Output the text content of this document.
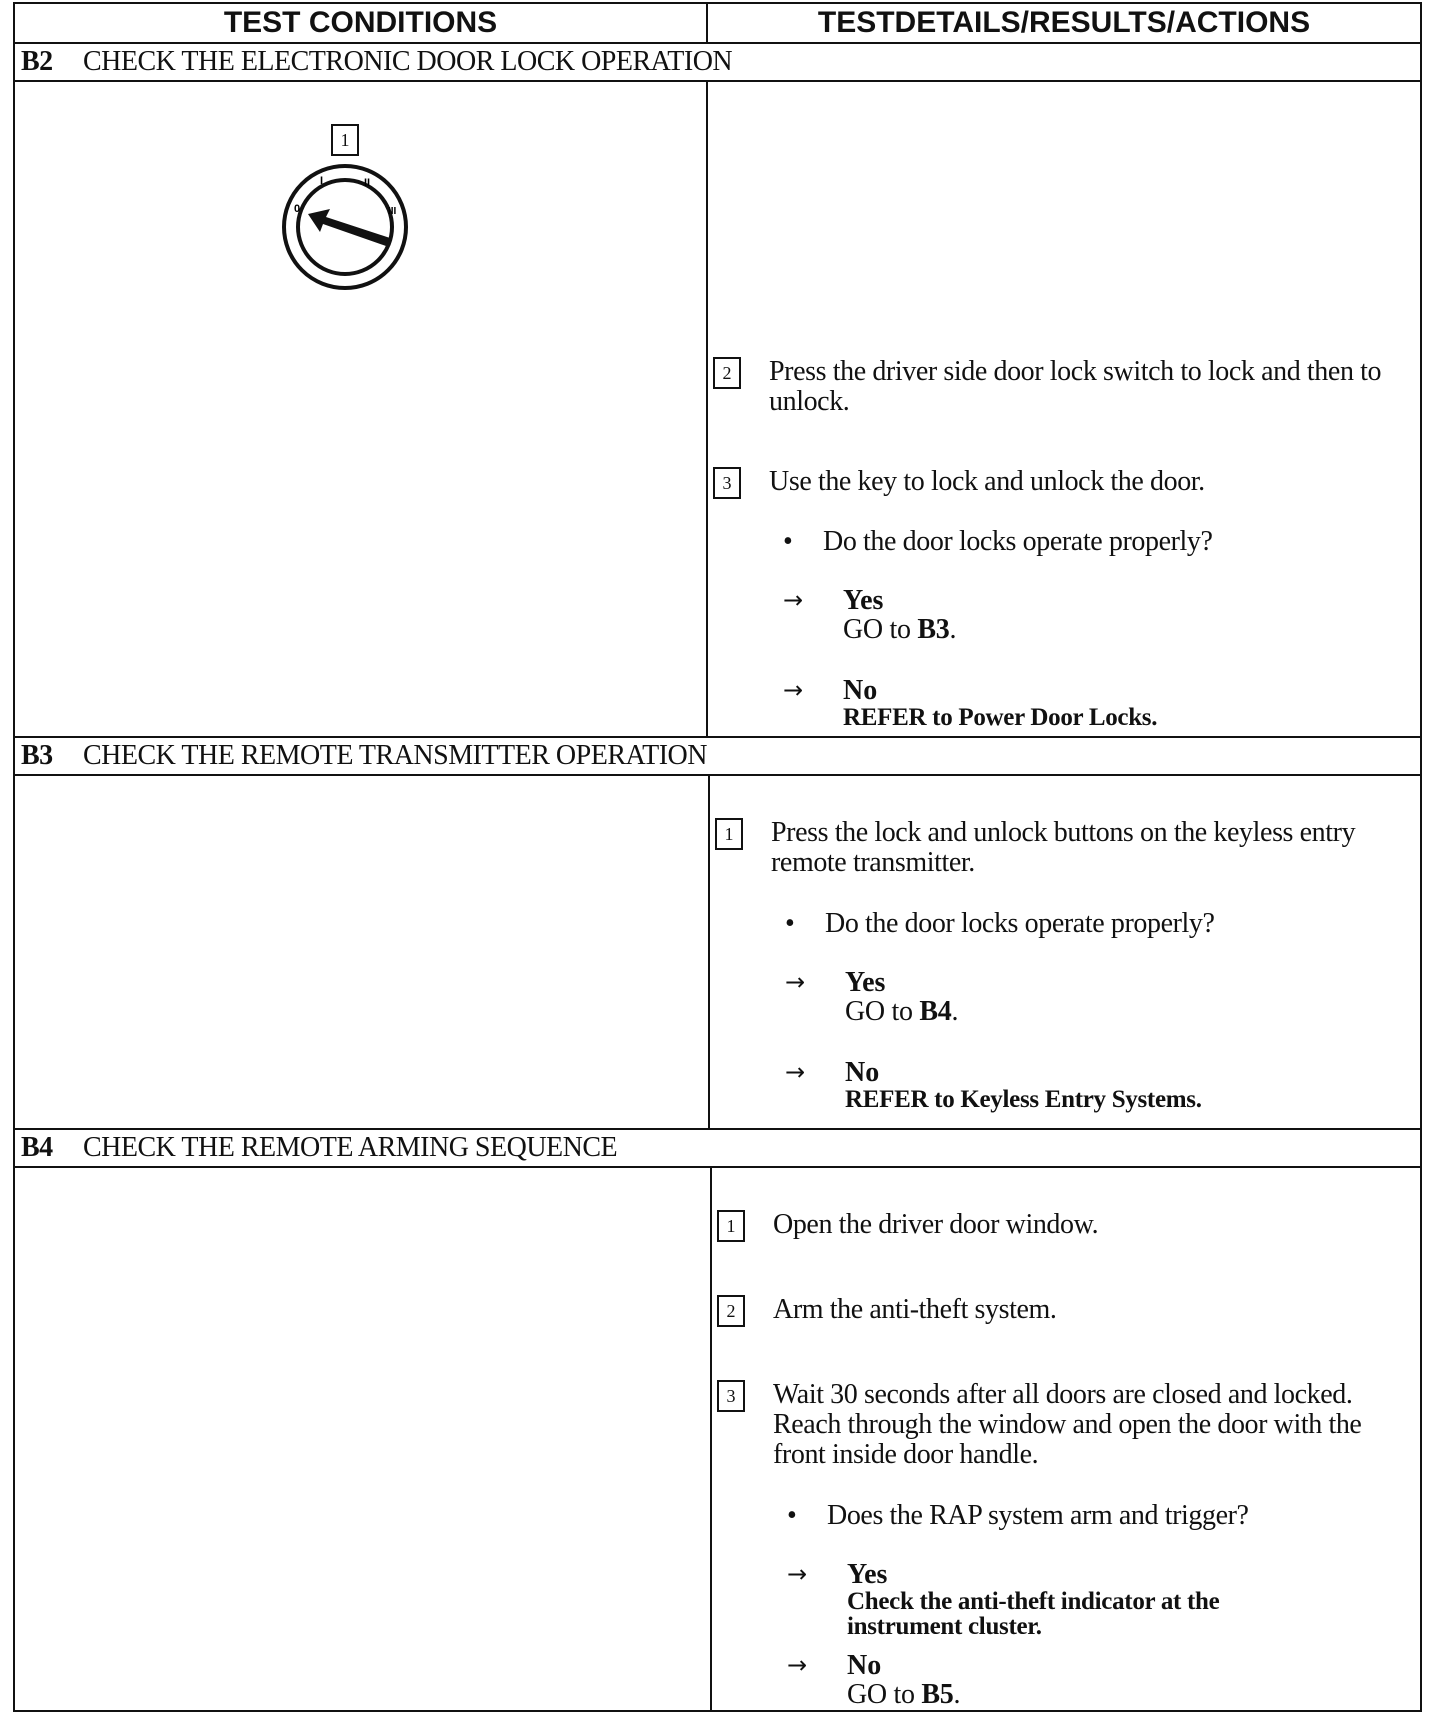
TEST CONDITIONS	TESTDETAILS/RESULTS/ACTIONS
B2	CHECK THE ELECTRONIC DOOR LOCK OPERATION
1
0
I	II
III
2	Press the driver side door lock switch to lock and then to unlock.
3	Use the key to lock and unlock the door.
•	Do the door locks operate properly?
→	Yes
GO to B3.
→	No
REFER to Power Door Locks.
B3	CHECK THE REMOTE TRANSMITTER OPERATION
1	Press the lock and unlock buttons on the keyless entry remote transmitter.
•	Do the door locks operate properly?
→	Yes
GO to B4.
→	No
REFER to Keyless Entry Systems.
B4	CHECK THE REMOTE ARMING SEQUENCE
1	Open the driver door window.
2	Arm the anti-theft system.
3	Wait 30 seconds after all doors are closed and locked. Reach through the window and open the door with the front inside door handle.
•	Does the RAP system arm and trigger?
→	Yes
Check the anti-theft indicator at the instrument cluster.
→	No
GO to B5.
